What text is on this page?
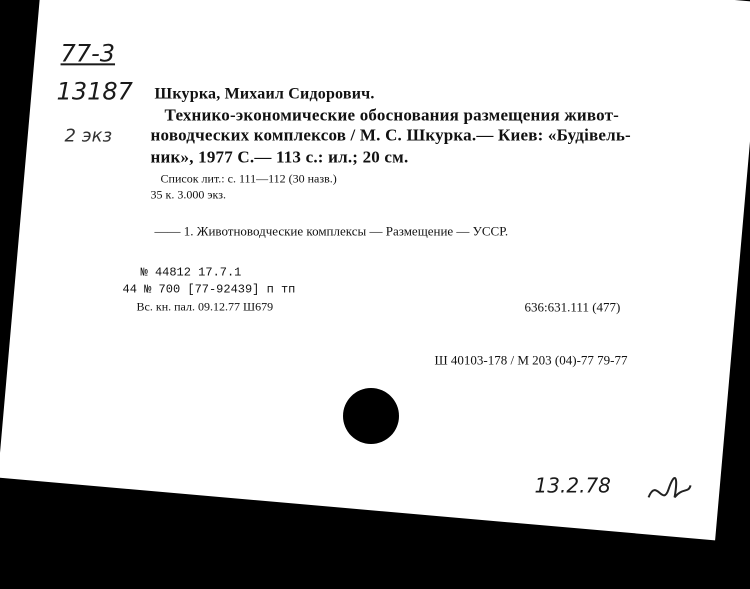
77-3
13187
2 экз
Шкурка, Михаил Сидорович.
Технико-экономические обоснования размещения живот-
новодческих комплексов / М. С. Шкурка.— Киев: «Будівель-
ник», 1977 С.— 113 с.: ил.; 20 см.
Список лит.: с. 111—112 (30 назв.)
35 к. 3.000 экз.
—— 1. Животноводческие комплексы — Размещение — УССР.
№ 44812 17.7.1
44 № 700 [77-92439] п тп
Вс. кн. пал. 09.12.77 Ш679	636:631.111 (477)
Ш 40103-178 / М 203 (04)-77 79-77
13.2.78
